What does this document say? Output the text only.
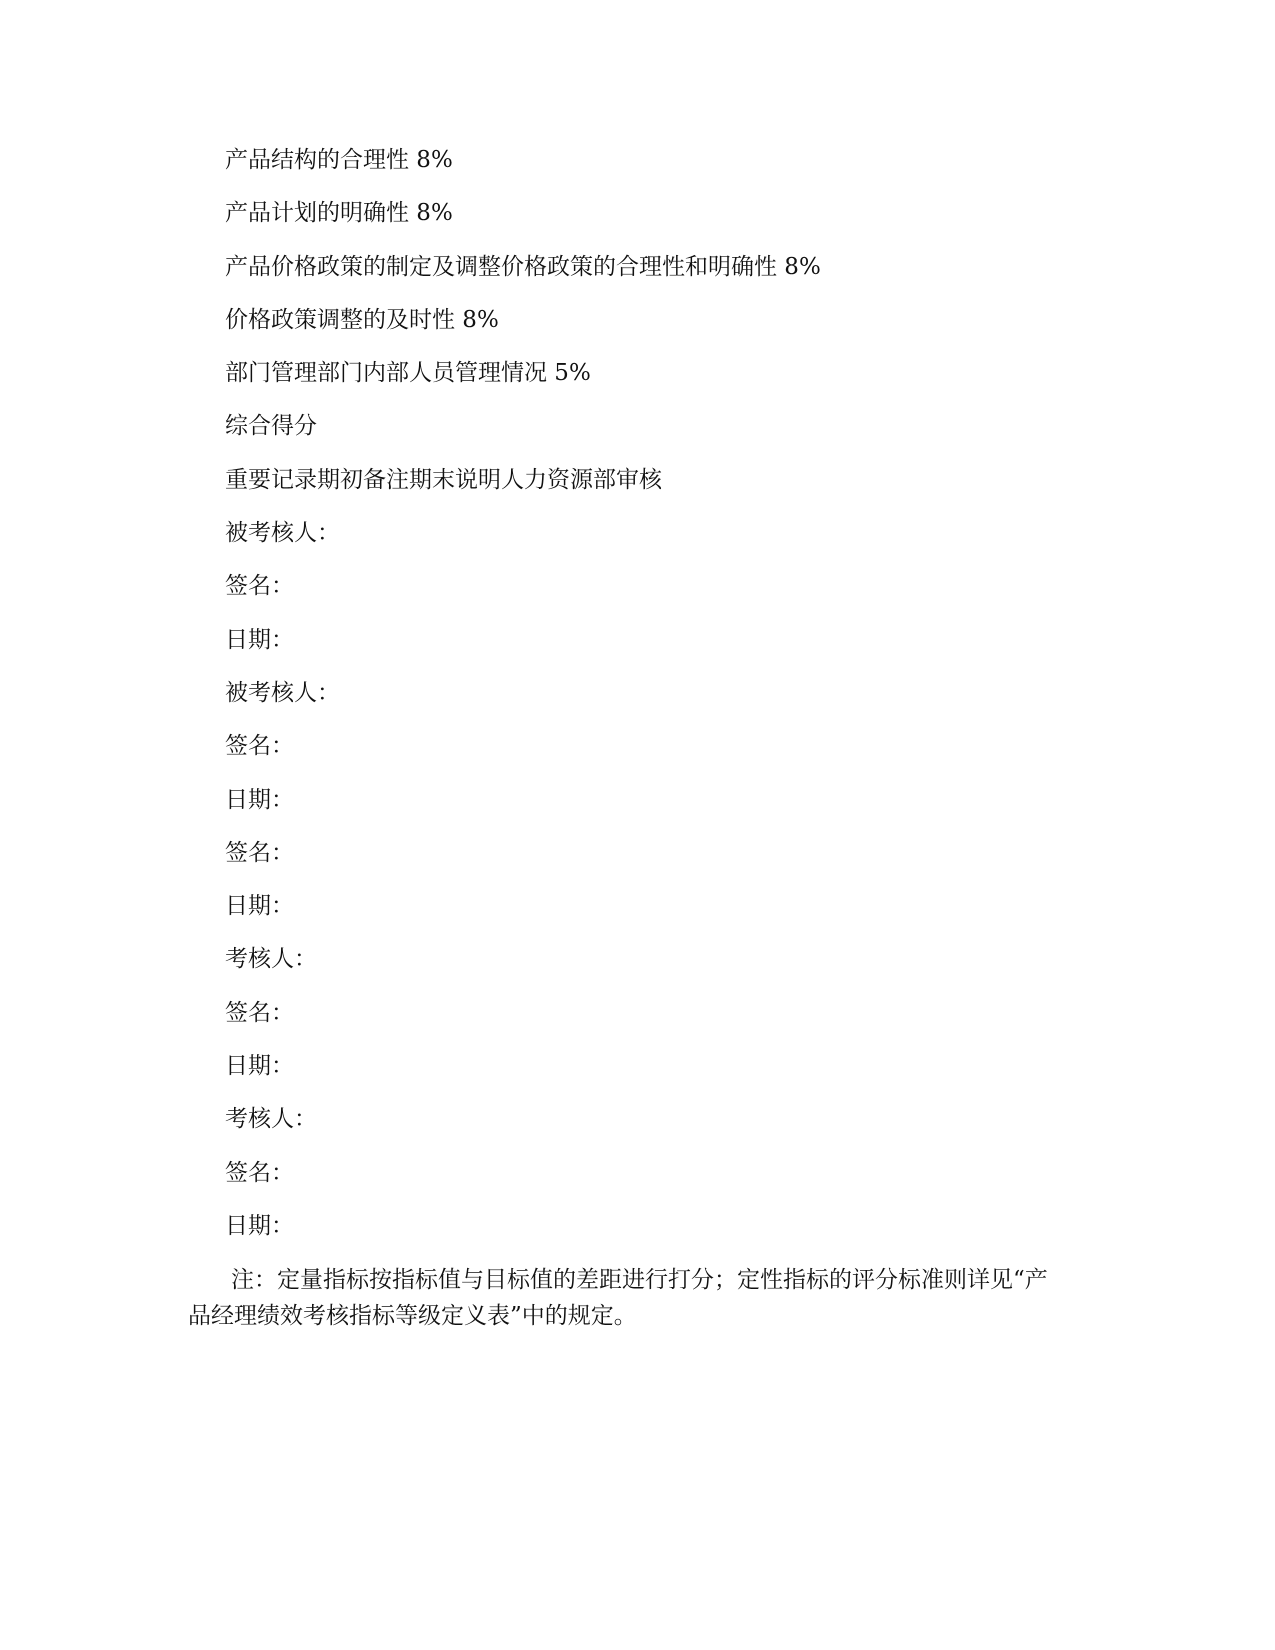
产品结构的合理性 8%
产品计划的明确性 8%
产品价格政策的制定及调整价格政策的合理性和明确性 8%
价格政策调整的及时性 8%
部门管理部门内部人员管理情况 5%
综合得分
重要记录期初备注期末说明人力资源部审核
被考核人：
签名：
日期：
被考核人：
签名：
日期：
签名：
日期：
考核人：
签名：
日期：
考核人：
签名：
日期：

注：定量指标按指标值与目标值的差距进行打分；定性指标的评分标准则详见“产品经理绩效考核指标等级定义表”中的规定。
